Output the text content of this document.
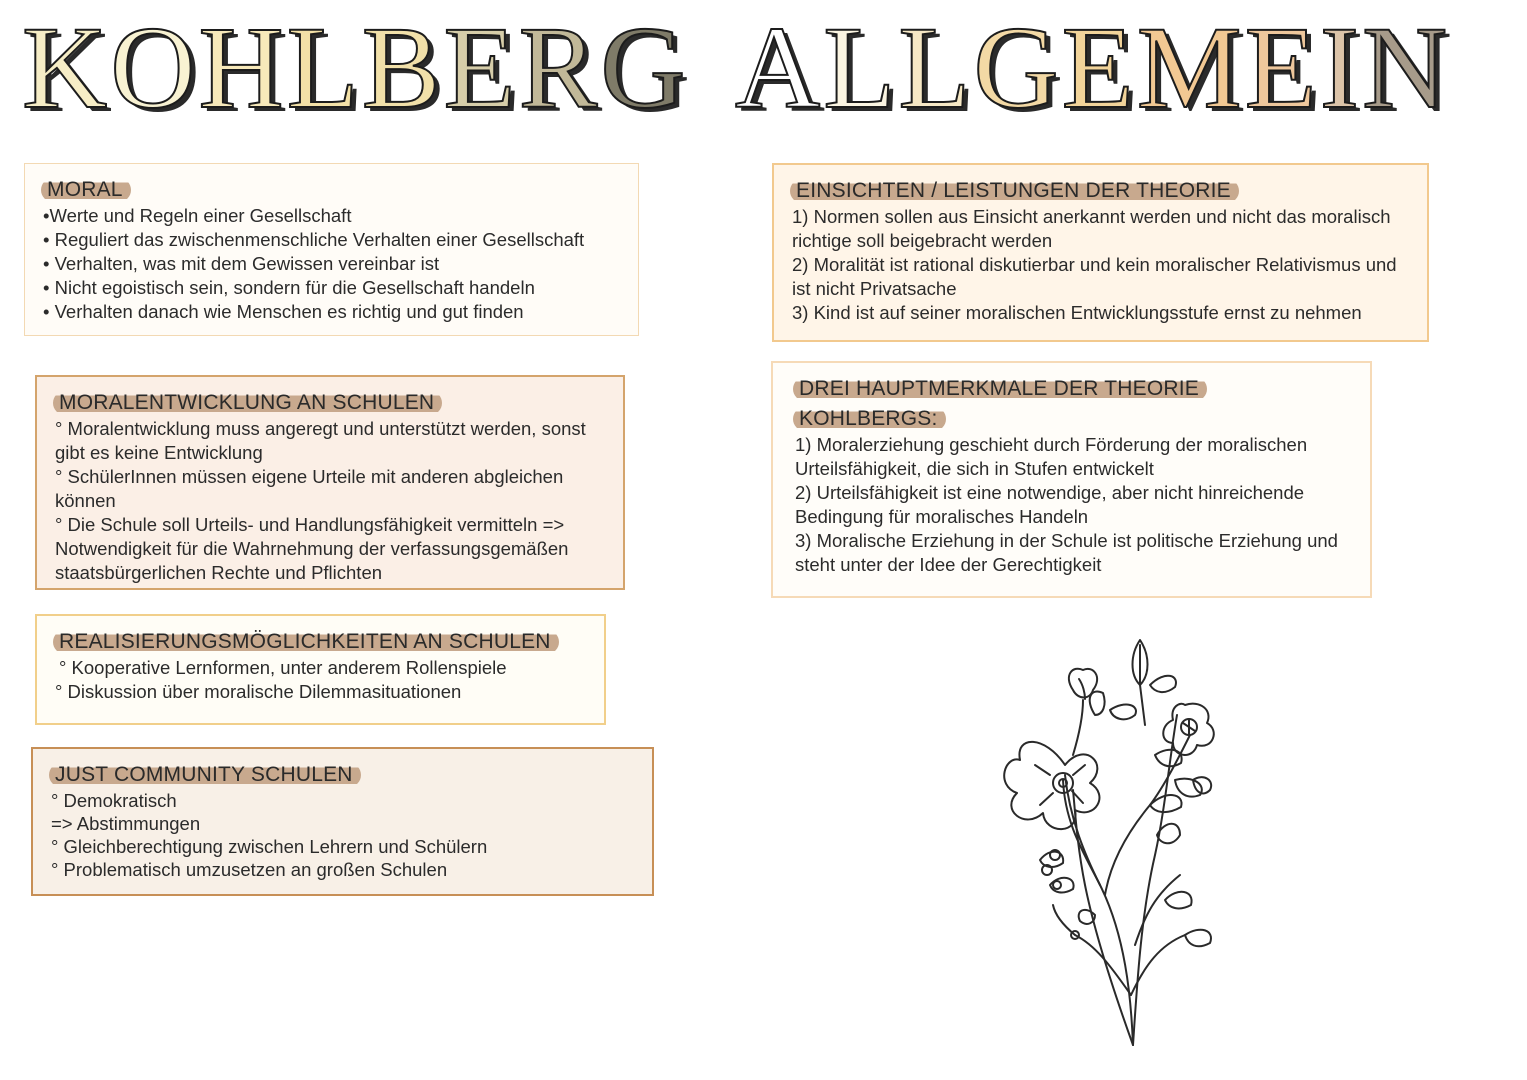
KOHLBERG ALLGEMEIN
MORAL
•Werte und Regeln einer Gesellschaft
• Reguliert das zwischenmenschliche Verhalten einer Gesellschaft
• Verhalten, was mit dem Gewissen vereinbar ist
• Nicht egoistisch sein, sondern für die Gesellschaft handeln
• Verhalten danach wie Menschen es richtig und gut finden
MORALENTWICKLUNG AN SCHULEN
° Moralentwicklung muss angeregt und unterstützt werden, sonst
gibt es keine Entwicklung
° SchülerInnen müssen eigene Urteile mit anderen abgleichen
können
° Die Schule soll Urteils- und Handlungsfähigkeit vermitteln =>
Notwendigkeit für die Wahrnehmung der verfassungsgemäßen
staatsbürgerlichen Rechte und Pflichten
REALISIERUNGSMÖGLICHKEITEN AN SCHULEN
° Kooperative Lernformen, unter anderem Rollenspiele
° Diskussion über moralische Dilemmasituationen
JUST COMMUNITY SCHULEN
° Demokratisch
=> Abstimmungen
° Gleichberechtigung zwischen Lehrern und Schülern
° Problematisch umzusetzen an großen Schulen
EINSICHTEN / LEISTUNGEN DER THEORIE
1) Normen sollen aus Einsicht anerkannt werden und nicht das moralisch
richtige soll beigebracht werden
2) Moralität ist rational diskutierbar und kein moralischer Relativismus und
ist nicht Privatsache
3) Kind ist auf seiner moralischen Entwicklungsstufe ernst zu nehmen
DREI HAUPTMERKMALE DER THEORIE
KOHLBERGS:
1) Moralerziehung geschieht durch Förderung der moralischen
Urteilsfähigkeit, die sich in Stufen entwickelt
2) Urteilsfähigkeit ist eine notwendige, aber nicht hinreichende
Bedingung für moralisches Handeln
3) Moralische Erziehung in der Schule ist politische Erziehung und
steht unter der Idee der Gerechtigkeit
